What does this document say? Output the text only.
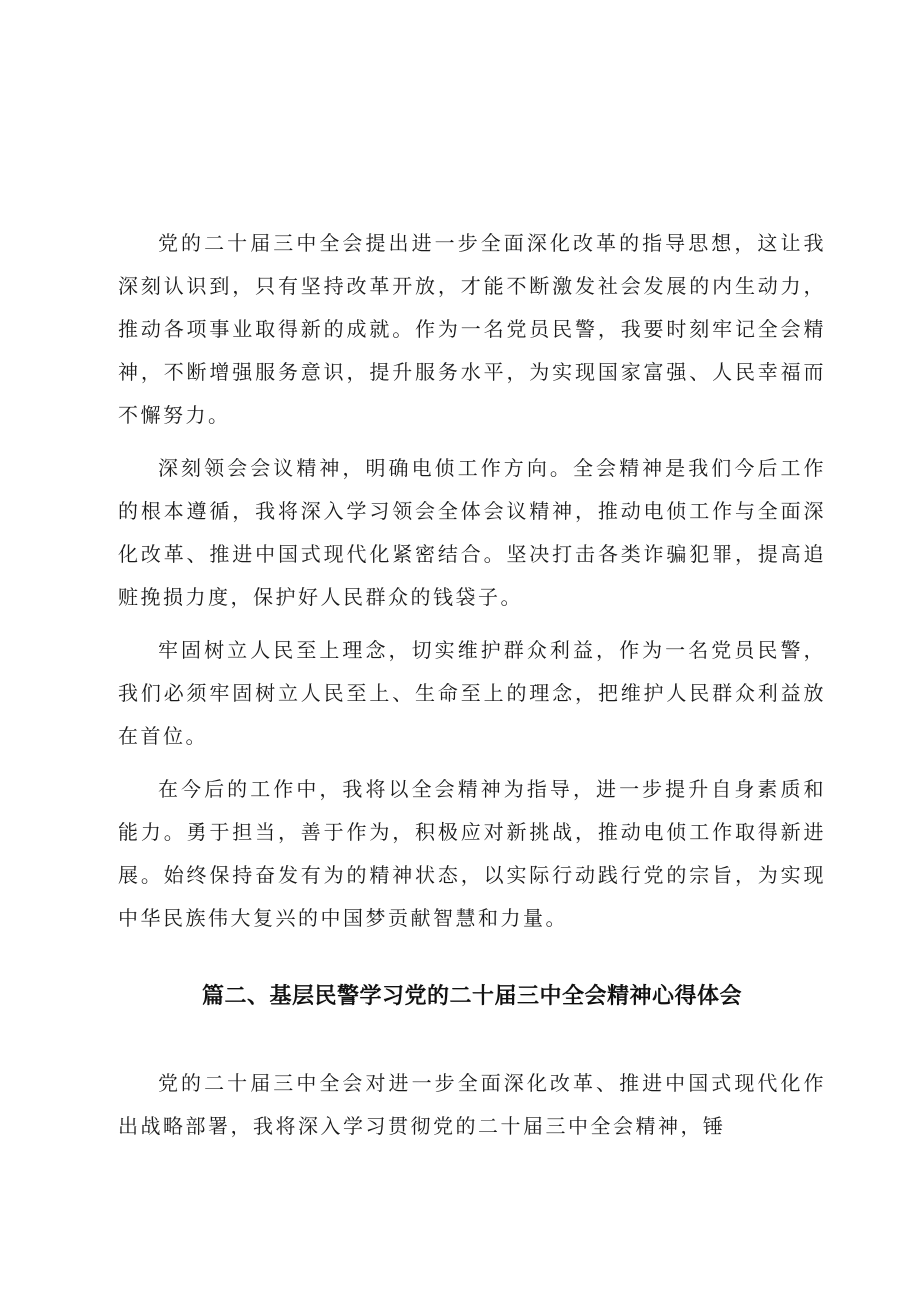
党的二十届三中全会提出进一步全面深化改革的指导思想，这让我深刻认识到，只有坚持改革开放，才能不断激发社会发展的内生动力，推动各项事业取得新的成就。作为一名党员民警，我要时刻牢记全会精神，不断增强服务意识，提升服务水平，为实现国家富强、人民幸福而不懈努力。

深刻领会会议精神，明确电侦工作方向。全会精神是我们今后工作的根本遵循，我将深入学习领会全体会议精神，推动电侦工作与全面深化改革、推进中国式现代化紧密结合。坚决打击各类诈骗犯罪，提高追赃挽损力度，保护好人民群众的钱袋子。

牢固树立人民至上理念，切实维护群众利益，作为一名党员民警，我们必须牢固树立人民至上、生命至上的理念，把维护人民群众利益放在首位。

在今后的工作中，我将以全会精神为指导，进一步提升自身素质和能力。勇于担当，善于作为，积极应对新挑战，推动电侦工作取得新进展。始终保持奋发有为的精神状态，以实际行动践行党的宗旨，为实现中华民族伟大复兴的中国梦贡献智慧和力量。

篇二、基层民警学习党的二十届三中全会精神心得体会

党的二十届三中全会对进一步全面深化改革、推进中国式现代化作出战略部署，我将深入学习贯彻党的二十届三中全会精神，锤
